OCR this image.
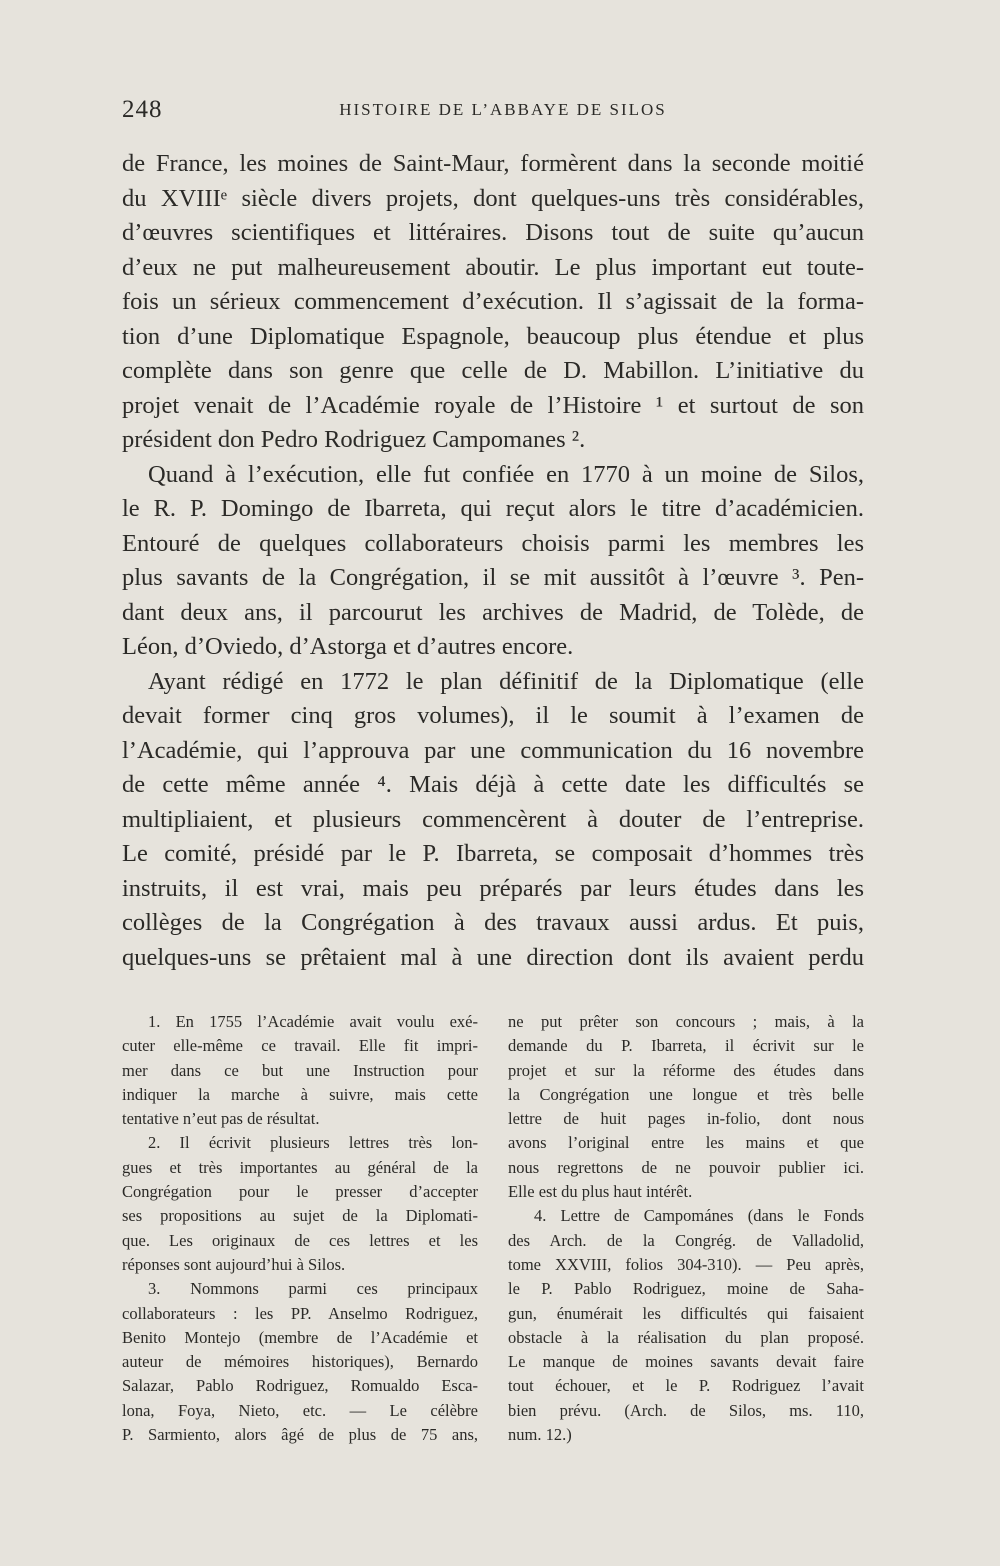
248	HISTOIRE DE L’ABBAYE DE SILOS
de France, les moines de Saint-Maur, formèrent dans la seconde moitié
du XVIIIᵉ siècle divers projets, dont quelques-uns très considérables,
d’œuvres scientifiques et littéraires. Disons tout de suite qu’aucun
d’eux ne put malheureusement aboutir. Le plus important eut toute-
fois un sérieux commencement d’exécution. Il s’agissait de la forma-
tion d’une Diplomatique Espagnole, beaucoup plus étendue et plus
complète dans son genre que celle de D. Mabillon. L’initiative du
projet venait de l’Académie royale de l’Histoire ¹ et surtout de son
président don Pedro Rodriguez Campomanes ².
Quand à l’exécution, elle fut confiée en 1770 à un moine de Silos,
le R. P. Domingo de Ibarreta, qui reçut alors le titre d’académicien.
Entouré de quelques collaborateurs choisis parmi les membres les
plus savants de la Congrégation, il se mit aussitôt à l’œuvre ³. Pen-
dant deux ans, il parcourut les archives de Madrid, de Tolède, de
Léon, d’Oviedo, d’Astorga et d’autres encore.
Ayant rédigé en 1772 le plan définitif de la Diplomatique (elle
devait former cinq gros volumes), il le soumit à l’examen de
l’Académie, qui l’approuva par une communication du 16 novembre
de cette même année ⁴. Mais déjà à cette date les difficultés se
multipliaient, et plusieurs commencèrent à douter de l’entreprise.
Le comité, présidé par le P. Ibarreta, se composait d’hommes très
instruits, il est vrai, mais peu préparés par leurs études dans les
collèges de la Congrégation à des travaux aussi ardus. Et puis,
quelques-uns se prêtaient mal à une direction dont ils avaient perdu
1. En 1755 l’Académie avait voulu exé-
cuter elle-même ce travail. Elle fit impri-
mer dans ce but une Instruction pour
indiquer la marche à suivre, mais cette
tentative n’eut pas de résultat.
2. Il écrivit plusieurs lettres très lon-
gues et très importantes au général de la
Congrégation pour le presser d’accepter
ses propositions au sujet de la Diplomati-
que. Les originaux de ces lettres et les
réponses sont aujourd’hui à Silos.
3. Nommons parmi ces principaux
collaborateurs : les PP. Anselmo Rodriguez,
Benito Montejo (membre de l’Académie et
auteur de mémoires historiques), Bernardo
Salazar, Pablo Rodriguez, Romualdo Esca-
lona, Foya, Nieto, etc. — Le célèbre
P. Sarmiento, alors âgé de plus de 75 ans,
ne put prêter son concours ; mais, à la
demande du P. Ibarreta, il écrivit sur le
projet et sur la réforme des études dans
la Congrégation une longue et très belle
lettre de huit pages in-folio, dont nous
avons l’original entre les mains et que
nous regrettons de ne pouvoir publier ici.
Elle est du plus haut intérêt.
4. Lettre de Campománes (dans le Fonds
des Arch. de la Congrég. de Valladolid,
tome XXVIII, folios 304-310). — Peu après,
le P. Pablo Rodriguez, moine de Saha-
gun, énumérait les difficultés qui faisaient
obstacle à la réalisation du plan proposé.
Le manque de moines savants devait faire
tout échouer, et le P. Rodriguez l’avait
bien prévu. (Arch. de Silos, ms. 110,
num. 12.)
